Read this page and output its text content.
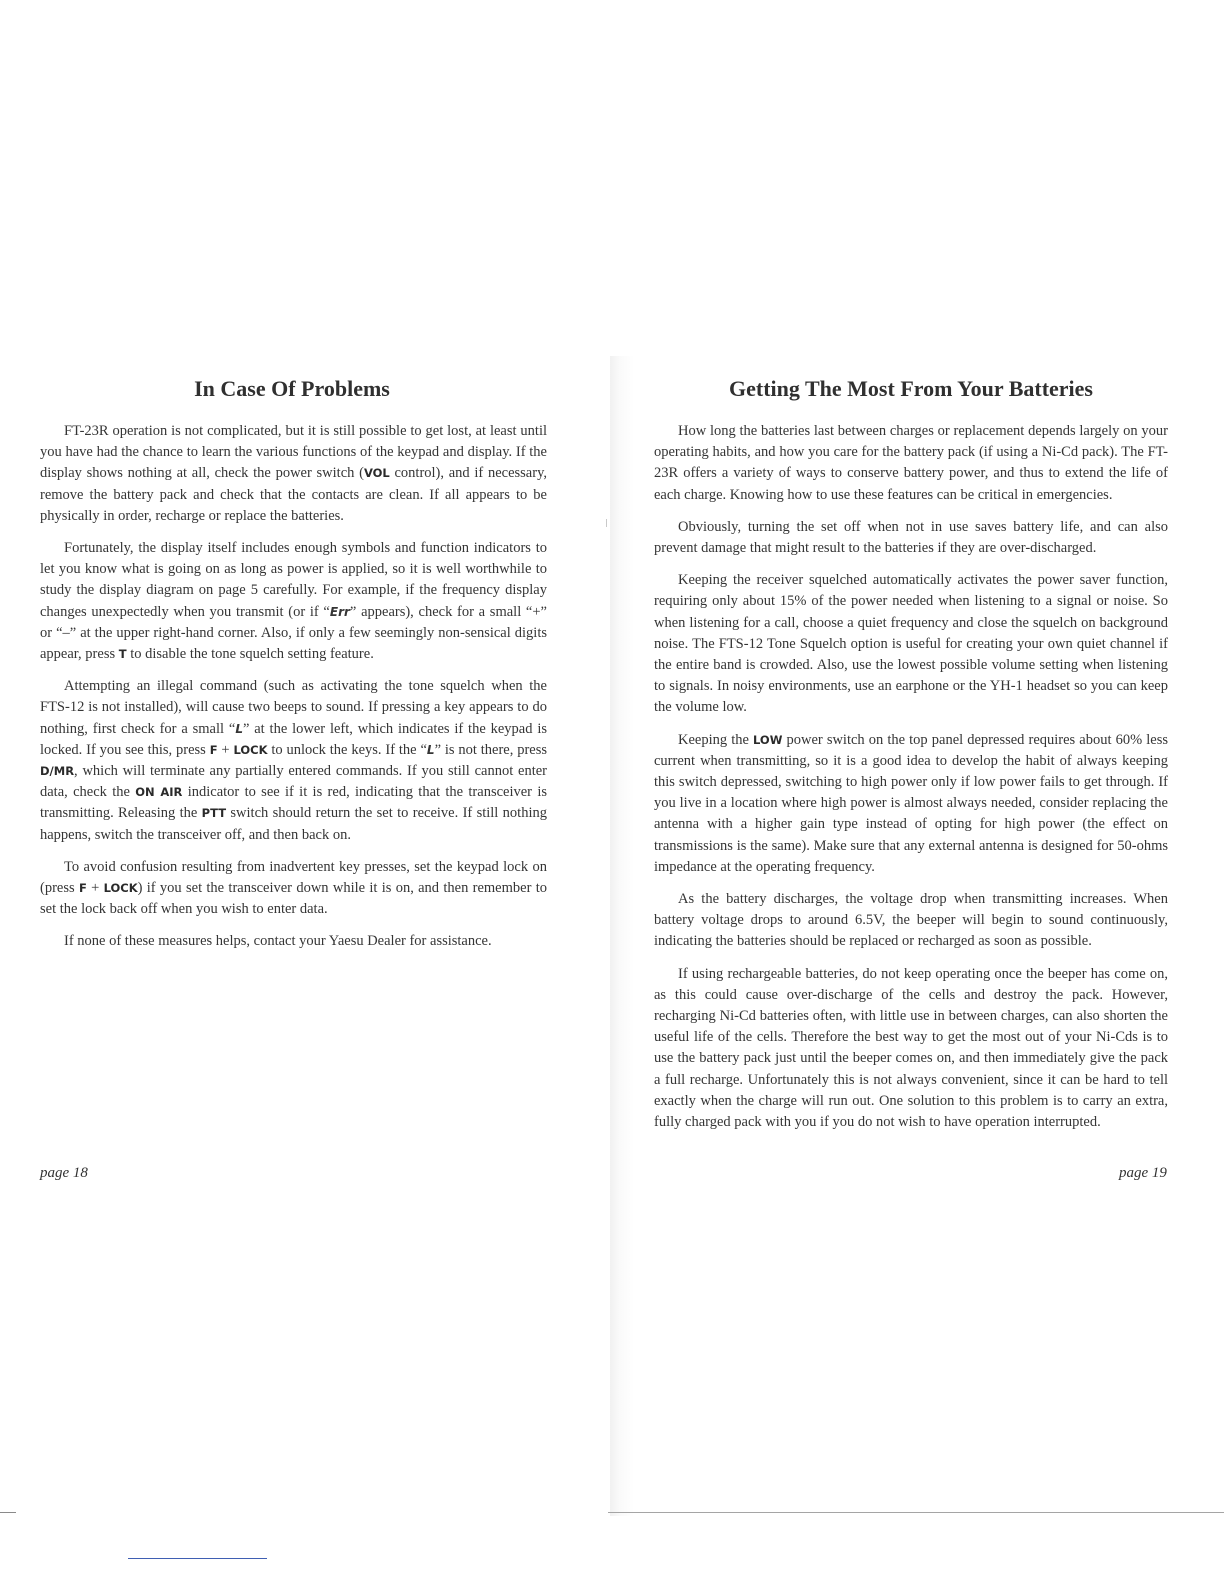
In Case Of Problems

FT-23R operation is not complicated, but it is still possible to get lost, at least until you have had the chance to learn the various functions of the keypad and display. If the display shows nothing at all, check the power switch (VOL control), and if necessary, remove the battery pack and check that the contacts are clean. If all appears to be physically in order, recharge or replace the batteries.

Fortunately, the display itself includes enough symbols and function indicators to let you know what is going on as long as power is applied, so it is well worthwhile to study the display diagram on page 5 carefully. For example, if the frequency display changes unexpectedly when you transmit (or if “Err” appears), check for a small “+” or “–” at the upper right-hand corner. Also, if only a few seemingly non-sensical digits appear, press T to disable the tone squelch setting feature.

Attempting an illegal command (such as activating the tone squelch when the FTS-12 is not installed), will cause two beeps to sound. If pressing a key appears to do nothing, first check for a small “L” at the lower left, which indicates if the keypad is locked. If you see this, press F + LOCK to unlock the keys. If the “L” is not there, press D/MR, which will terminate any partially entered commands. If you still cannot enter data, check the ON AIR indicator to see if it is red, indicating that the transceiver is transmitting. Releasing the PTT switch should return the set to receive. If still nothing happens, switch the transceiver off, and then back on.

To avoid confusion resulting from inadvertent key presses, set the keypad lock on (press F + LOCK) if you set the transceiver down while it is on, and then remember to set the lock back off when you wish to enter data.

If none of these measures helps, contact your Yaesu Dealer for assistance.

page 18
Getting The Most From Your Batteries

How long the batteries last between charges or replacement depends largely on your operating habits, and how you care for the battery pack (if using a Ni-Cd pack). The FT-23R offers a variety of ways to conserve battery power, and thus to extend the life of each charge. Knowing how to use these features can be critical in emergencies.

Obviously, turning the set off when not in use saves battery life, and can also prevent damage that might result to the batteries if they are over-discharged.

Keeping the receiver squelched automatically activates the power saver function, requiring only about 15% of the power needed when listening to a signal or noise. So when listening for a call, choose a quiet frequency and close the squelch on background noise. The FTS-12 Tone Squelch option is useful for creating your own quiet channel if the entire band is crowded. Also, use the lowest possible volume setting when listening to signals. In noisy environments, use an earphone or the YH-1 headset so you can keep the volume low.

Keeping the LOW power switch on the top panel depressed requires about 60% less current when transmitting, so it is a good idea to develop the habit of always keeping this switch depressed, switching to high power only if low power fails to get through. If you live in a location where high power is almost always needed, consider replacing the antenna with a higher gain type instead of opting for high power (the effect on transmissions is the same). Make sure that any external antenna is designed for 50-ohms impedance at the operating frequency.

As the battery discharges, the voltage drop when transmitting increases. When battery voltage drops to around 6.5V, the beeper will begin to sound continuously, indicating the batteries should be replaced or recharged as soon as possible.

If using rechargeable batteries, do not keep operating once the beeper has come on, as this could cause over-discharge of the cells and destroy the pack. However, recharging Ni-Cd batteries often, with little use in between charges, can also shorten the useful life of the cells. Therefore the best way to get the most out of your Ni-Cds is to use the battery pack just until the beeper comes on, and then immediately give the pack a full recharge. Unfortunately this is not always convenient, since it can be hard to tell exactly when the charge will run out. One solution to this problem is to carry an extra, fully charged pack with you if you do not wish to have operation interrupted.

page 19
